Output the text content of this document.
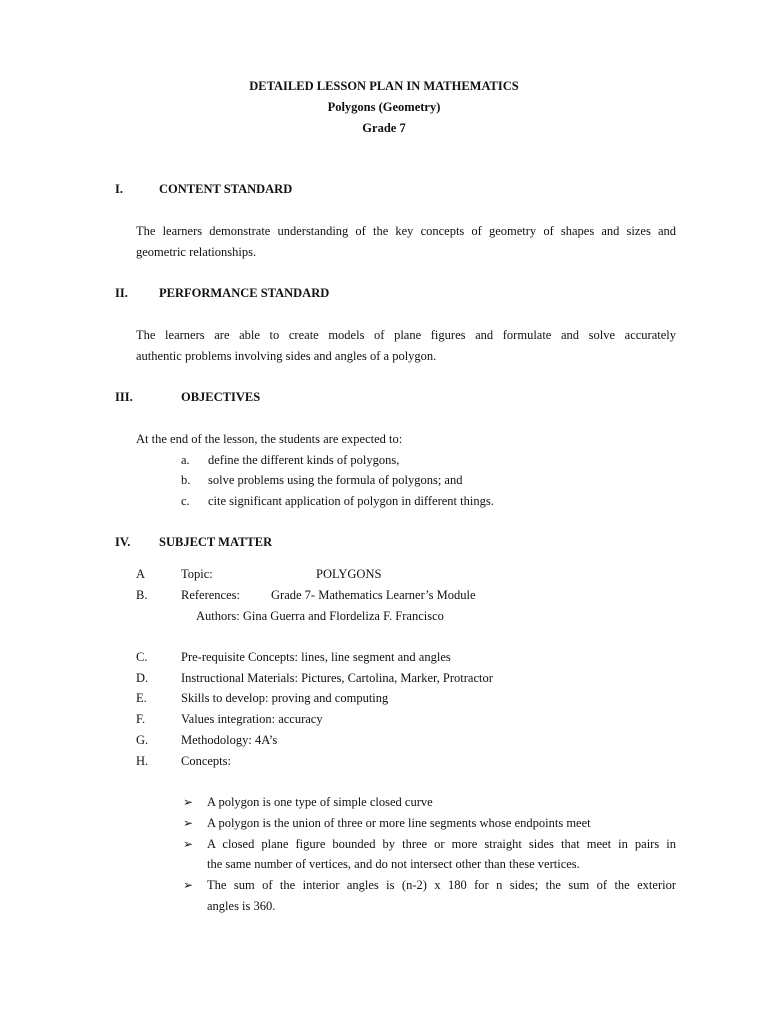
DETAILED LESSON PLAN IN MATHEMATICS
Polygons (Geometry)
Grade 7
I.	CONTENT STANDARD
The learners demonstrate understanding of the key concepts of geometry of shapes and sizes and
geometric relationships.
II. PERFORMANCE STANDARD
The learners are able to create models of plane figures and formulate and solve accurately
authentic problems involving sides and angles of a polygon.
III.	OBJECTIVES
At the end of the lesson, the students are expected to:
a. define the different kinds of polygons,
b. solve problems using the formula of polygons; and
c. cite significant application of polygon in different things.
IV. SUBJECT MATTER
A	Topic:	POLYGONS
B.	References: Grade 7- Mathematics Learner’s Module
Authors: Gina Guerra and Flordeliza F. Francisco
C.	Pre-requisite Concepts: lines, line segment and angles
D.	Instructional Materials: Pictures, Cartolina, Marker, Protractor
E.	Skills to develop: proving and computing
F.	Values integration: accuracy
G.	Methodology: 4A’s
H.	Concepts:
➢ A polygon is one type of simple closed curve
➢ A polygon is the union of three or more line segments whose endpoints meet
➢ A closed plane figure bounded by three or more straight sides that meet in pairs in
the same number of vertices, and do not intersect other than these vertices.
➢ The sum of the interior angles is (n-2) x 180 for n sides; the sum of the exterior
angles is 360.
